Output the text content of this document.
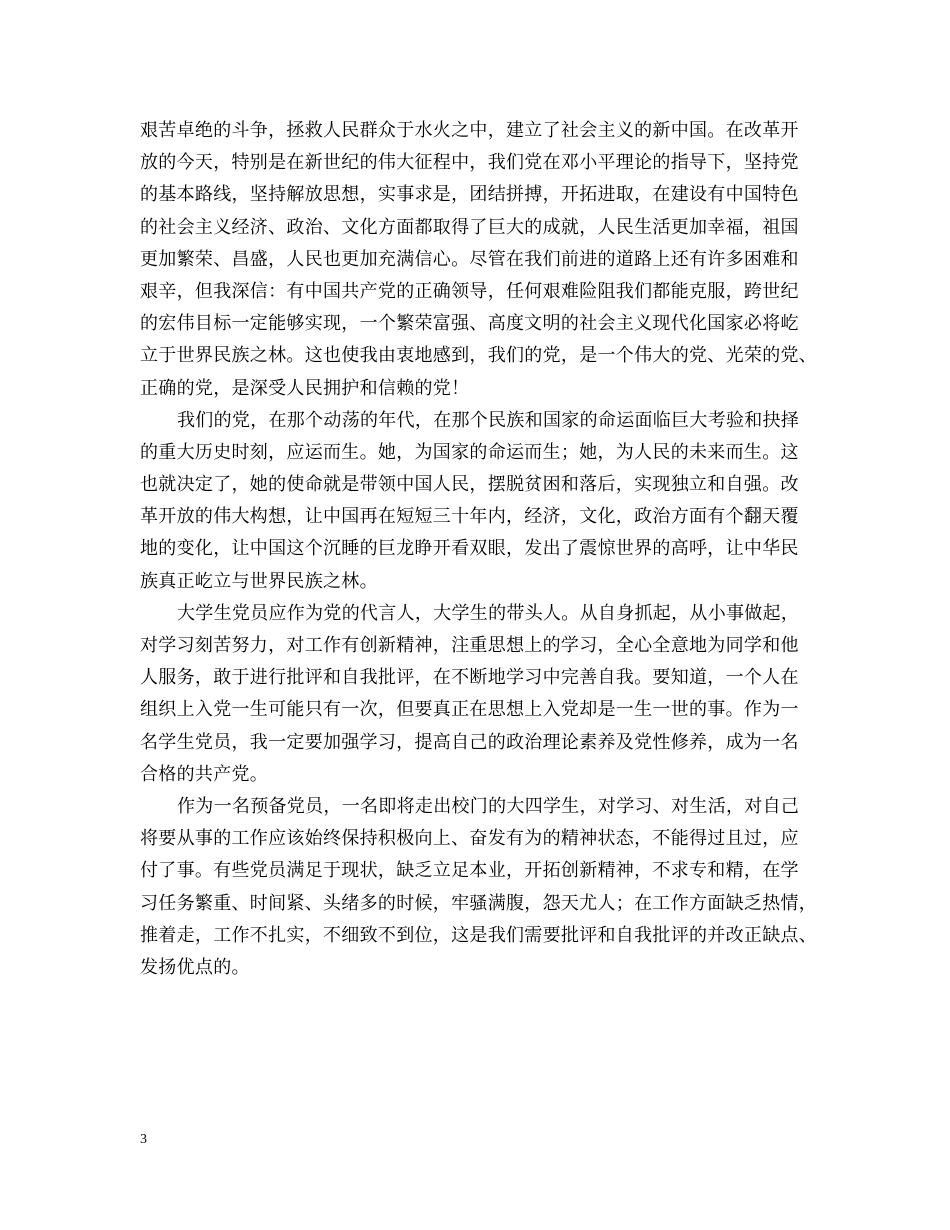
艰苦卓绝的斗争，拯救人民群众于水火之中，建立了社会主义的新中国。在改革开
放的今天，特别是在新世纪的伟大征程中，我们党在邓小平理论的指导下，坚持党
的基本路线，坚持解放思想，实事求是，团结拼搏，开拓进取，在建设有中国特色
的社会主义经济、政治、文化方面都取得了巨大的成就，人民生活更加幸福，祖国
更加繁荣、昌盛，人民也更加充满信心。尽管在我们前进的道路上还有许多困难和
艰辛，但我深信：有中国共产党的正确领导，任何艰难险阻我们都能克服，跨世纪
的宏伟目标一定能够实现，一个繁荣富强、高度文明的社会主义现代化国家必将屹
立于世界民族之林。这也使我由衷地感到，我们的党，是一个伟大的党、光荣的党、
正确的党，是深受人民拥护和信赖的党！
我们的党，在那个动荡的年代，在那个民族和国家的命运面临巨大考验和抉择
的重大历史时刻，应运而生。她，为国家的命运而生；她，为人民的未来而生。这
也就决定了，她的使命就是带领中国人民，摆脱贫困和落后，实现独立和自强。改
革开放的伟大构想，让中国再在短短三十年内，经济，文化，政治方面有个翻天覆
地的变化，让中国这个沉睡的巨龙睁开看双眼，发出了震惊世界的高呼，让中华民
族真正屹立与世界民族之林。
大学生党员应作为党的代言人，大学生的带头人。从自身抓起，从小事做起，
对学习刻苦努力，对工作有创新精神，注重思想上的学习，全心全意地为同学和他
人服务，敢于进行批评和自我批评，在不断地学习中完善自我。要知道，一个人在
组织上入党一生可能只有一次，但要真正在思想上入党却是一生一世的事。作为一
名学生党员，我一定要加强学习，提高自己的政治理论素养及党性修养，成为一名
合格的共产党。
作为一名预备党员，一名即将走出校门的大四学生，对学习、对生活，对自己
将要从事的工作应该始终保持积极向上、奋发有为的精神状态，不能得过且过，应
付了事。有些党员满足于现状，缺乏立足本业，开拓创新精神，不求专和精，在学
习任务繁重、时间紧、头绪多的时候，牢骚满腹，怨天尤人；在工作方面缺乏热情，
推着走，工作不扎实，不细致不到位，这是我们需要批评和自我批评的并改正缺点、
发扬优点的。
3
